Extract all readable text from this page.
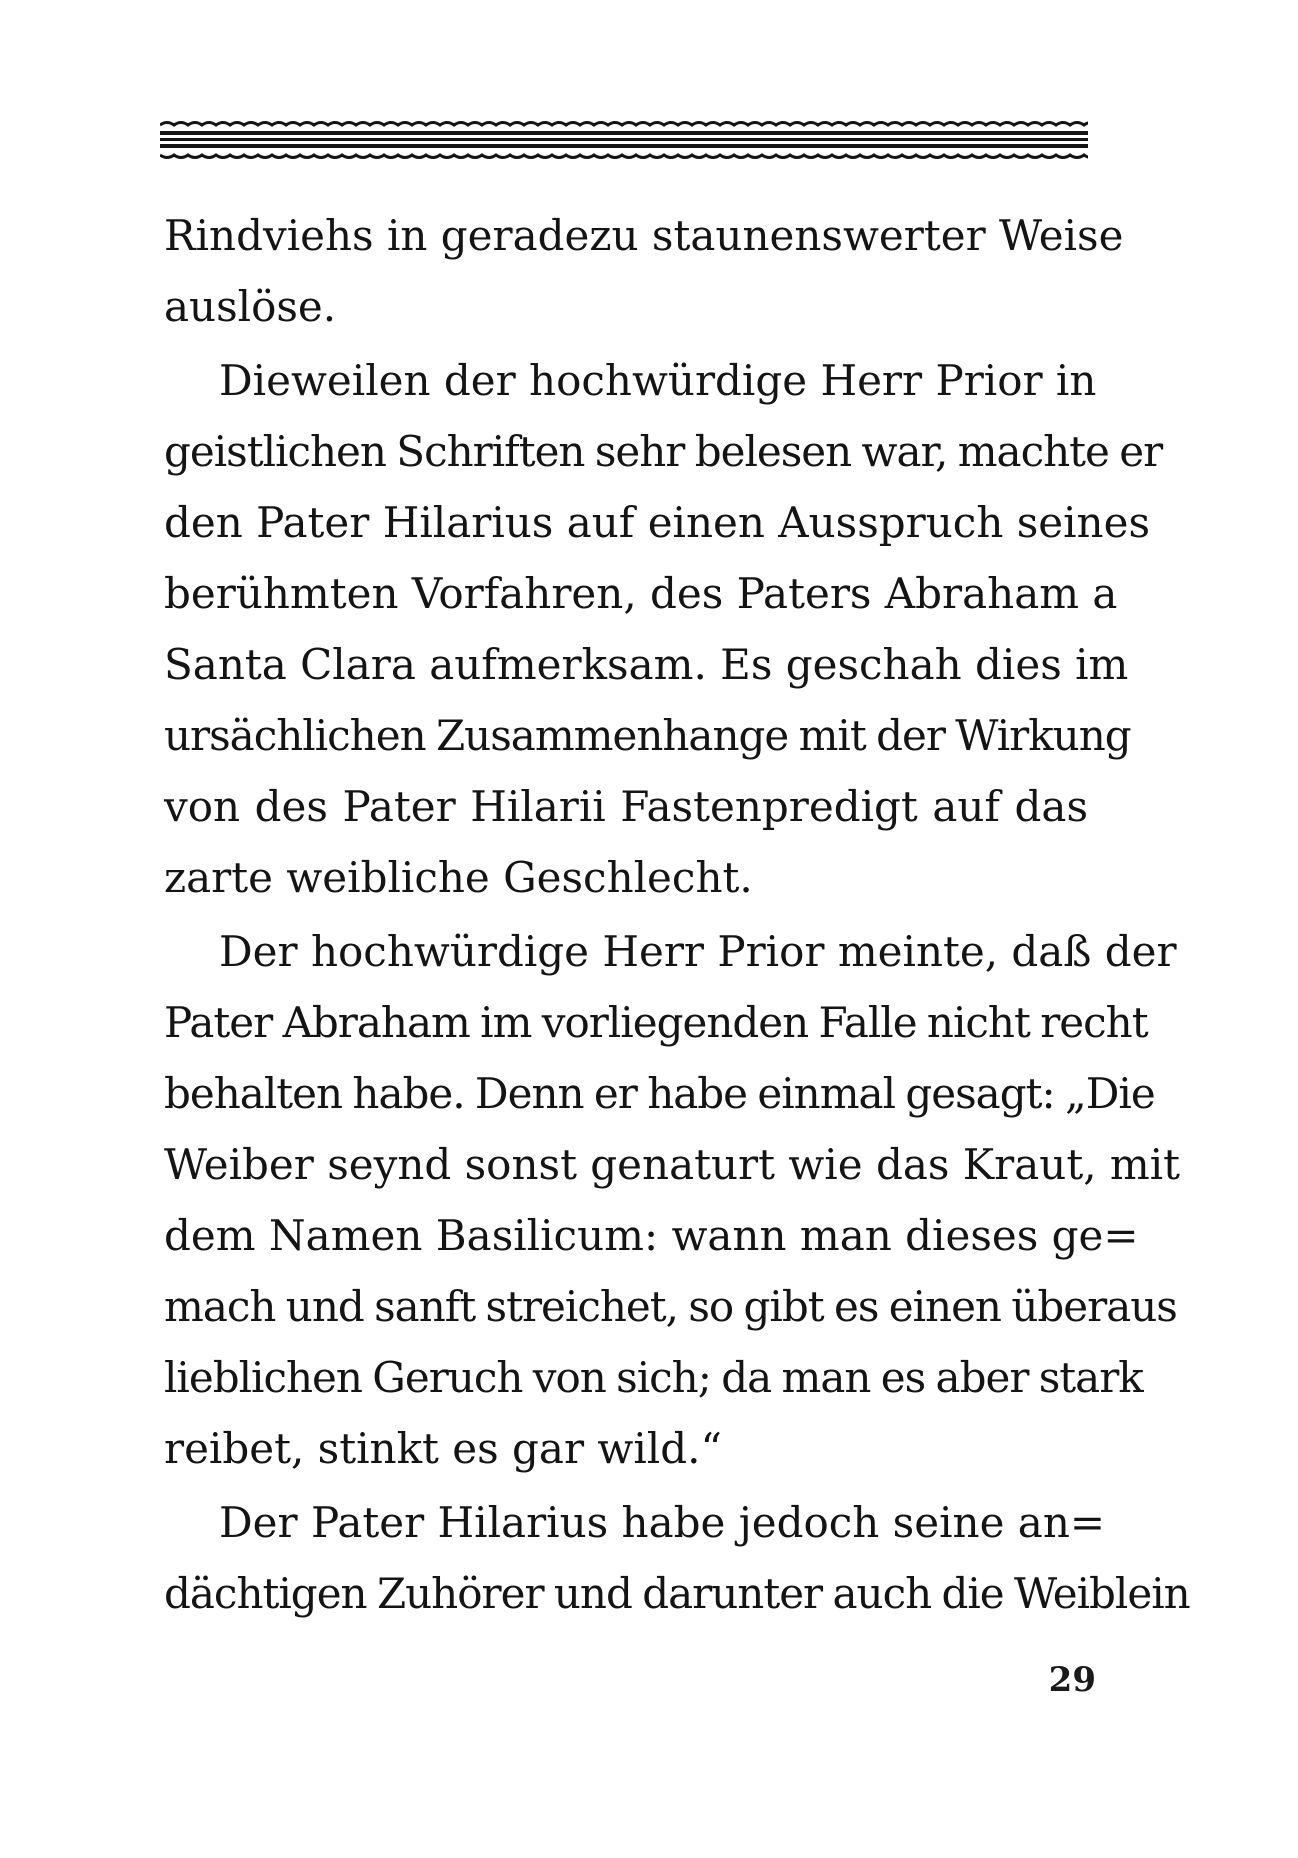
Rindviehs in geradezu staunenswerter Weise
auslöse.
Dieweilen der hochwürdige Herr Prior in
geistlichen Schriften sehr belesen war, machte er
den Pater Hilarius auf einen Ausspruch seines
berühmten Vorfahren, des Paters Abraham a
Santa Clara aufmerksam. Es geschah dies im
ursächlichen Zusammenhange mit der Wirkung
von des Pater Hilarii Fastenpredigt auf das
zarte weibliche Geschlecht.
Der hochwürdige Herr Prior meinte, daß der
Pater Abraham im vorliegenden Falle nicht recht
behalten habe. Denn er habe einmal gesagt: „Die
Weiber seynd sonst genaturt wie das Kraut, mit
dem Namen Basilicum: wann man dieses ge=
mach und sanft streichet, so gibt es einen überaus
lieblichen Geruch von sich; da man es aber stark
reibet, stinkt es gar wild.“
Der Pater Hilarius habe jedoch seine an=
dächtigen Zuhörer und darunter auch die Weiblein
29
